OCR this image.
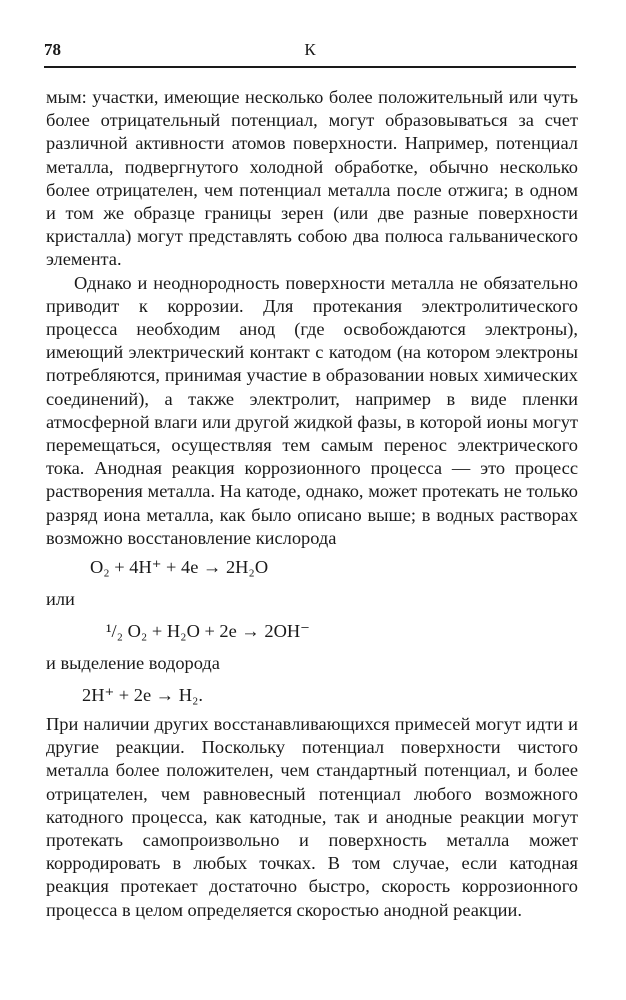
78	К

мым: участки, имеющие несколько более положительный или чуть более отрицательный потенциал, могут образовываться за счет различной активности атомов поверхности. Например, потенциал металла, подвергнутого холодной обработке, обычно несколько более отрицателен, чем потенциал металла после отжига; в одном и том же образце границы зерен (или две разные поверхности кристалла) могут представлять собою два полюса гальванического элемента.

Однако и неоднородность поверхности металла не обязательно приводит к коррозии. Для протекания электролитического процесса необходим анод (где освобождаются электроны), имеющий электрический контакт с катодом (на котором электроны потребляются, принимая участие в образовании новых химических соединений), а также электролит, например в виде пленки атмосферной влаги или другой жидкой фазы, в которой ионы могут перемещаться, осуществляя тем самым перенос электрического тока. Анодная реакция коррозионного процесса — это процесс растворения металла. На катоде, однако, может протекать не только разряд иона металла, как было описано выше; в водных растворах возможно восстановление кислорода

O₂ + 4H⁺ + 4e → 2H₂O

или

¹/₂ O₂ + H₂O + 2e → 2OH⁻

и выделение водорода

2H⁺ + 2e → H₂.

При наличии других восстанавливающихся примесей могут идти и другие реакции. Поскольку потенциал поверхности чистого металла более положителен, чем стандартный потенциал, и более отрицателен, чем равновесный потенциал любого возможного катодного процесса, как катодные, так и анодные реакции могут протекать самопроизвольно и поверхность металла может корродировать в любых точках. В том случае, если катодная реакция протекает достаточно быстро, скорость коррозионного процесса в целом определяется скоростью анодной реакции.
